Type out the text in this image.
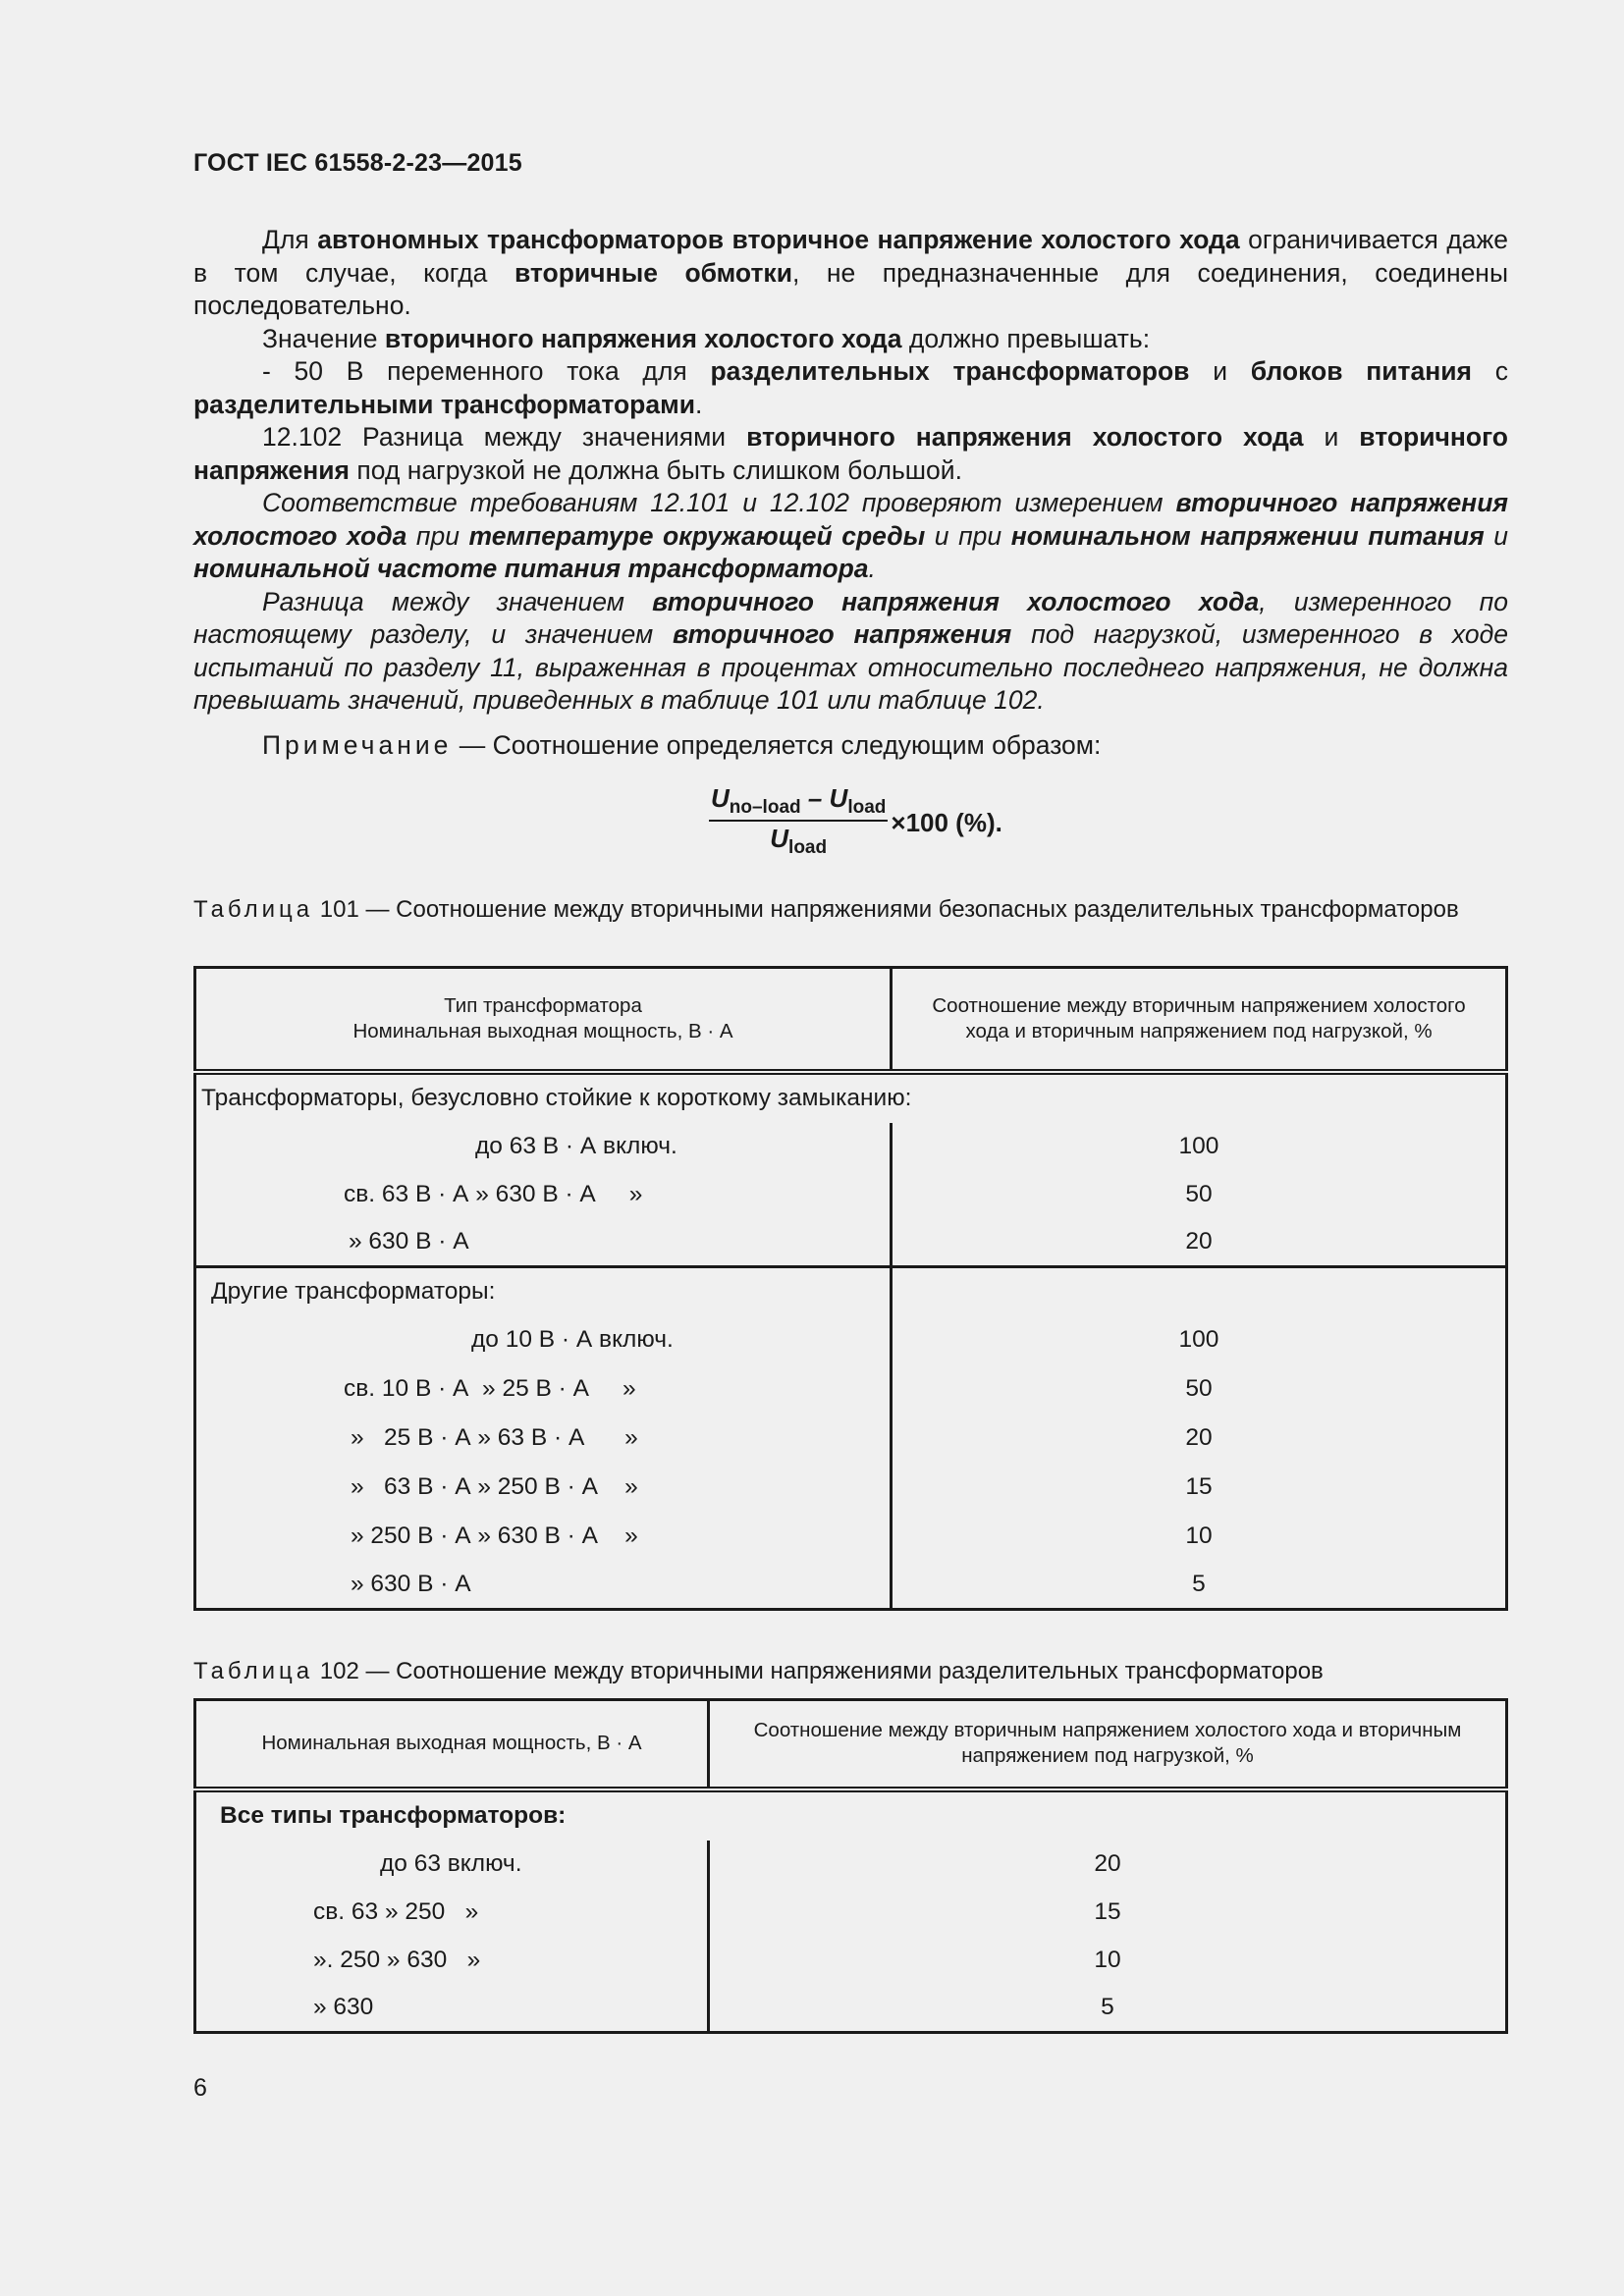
ГОСТ IEC 61558-2-23—2015

Для автономных трансформаторов вторичное напряжение холостого хода ограничивается даже в том случае, когда вторичные обмотки, не предназначенные для соединения, соединены последовательно.

Значение вторичного напряжения холостого хода должно превышать:

- 50 В переменного тока для разделительных трансформаторов и блоков питания с разделительными трансформаторами.

12.102 Разница между значениями вторичного напряжения холостого хода и вторичного напряжения под нагрузкой не должна быть слишком большой.

Соответствие требованиям 12.101 и 12.102 проверяют измерением вторичного напряжения холостого хода при температуре окружающей среды и при номинальном напряжении питания и номинальной частоте питания трансформатора.

Разница между значением вторичного напряжения холостого хода, измеренного по настоящему разделу, и значением вторичного напряжения под нагрузкой, измеренного в ходе испытаний по разделу 11, выраженная в процентах относительно последнего напряжения, не должна превышать значений, приведенных в таблице 101 или таблице 102.

Примечание — Соотношение определяется следующим образом:

$\frac{U_{no-load} - U_{load}}{U_{load}} \times 100$ (%).
Таблица 101 — Соотношение между вторичными напряжениями безопасных разделительных трансформаторов
Тип трансформатора
Номинальная выходная мощность, В · А	Соотношение между вторичным напряжением холостого
хода и вторичным напряжением под нагрузкой, %
Трансформаторы, безусловно стойкие к короткому замыканию:	
до 63 В · А включ.	100
св. 63 В · А » 630 В · А     »	50
» 630 В · А	20
Другие трансформаторы:	
до 10 В · А включ.	100
св. 10 В · А  » 25 В · А     »	50
»   25 В · А » 63 В · А      »	20
»   63 В · А » 250 В · А    »	15
» 250 В · А » 630 В · А    »	10
» 630 В · А	5
Таблица 102 — Соотношение между вторичными напряжениями разделительных трансформаторов
Номинальная выходная мощность, В · А	Соотношение между вторичным напряжением холостого хода и вторичным
напряжением под нагрузкой, %
Все типы трансформаторов:	
до 63 включ.	20
св. 63 » 250   »	15
». 250 » 630   »	10
» 630	5
6
